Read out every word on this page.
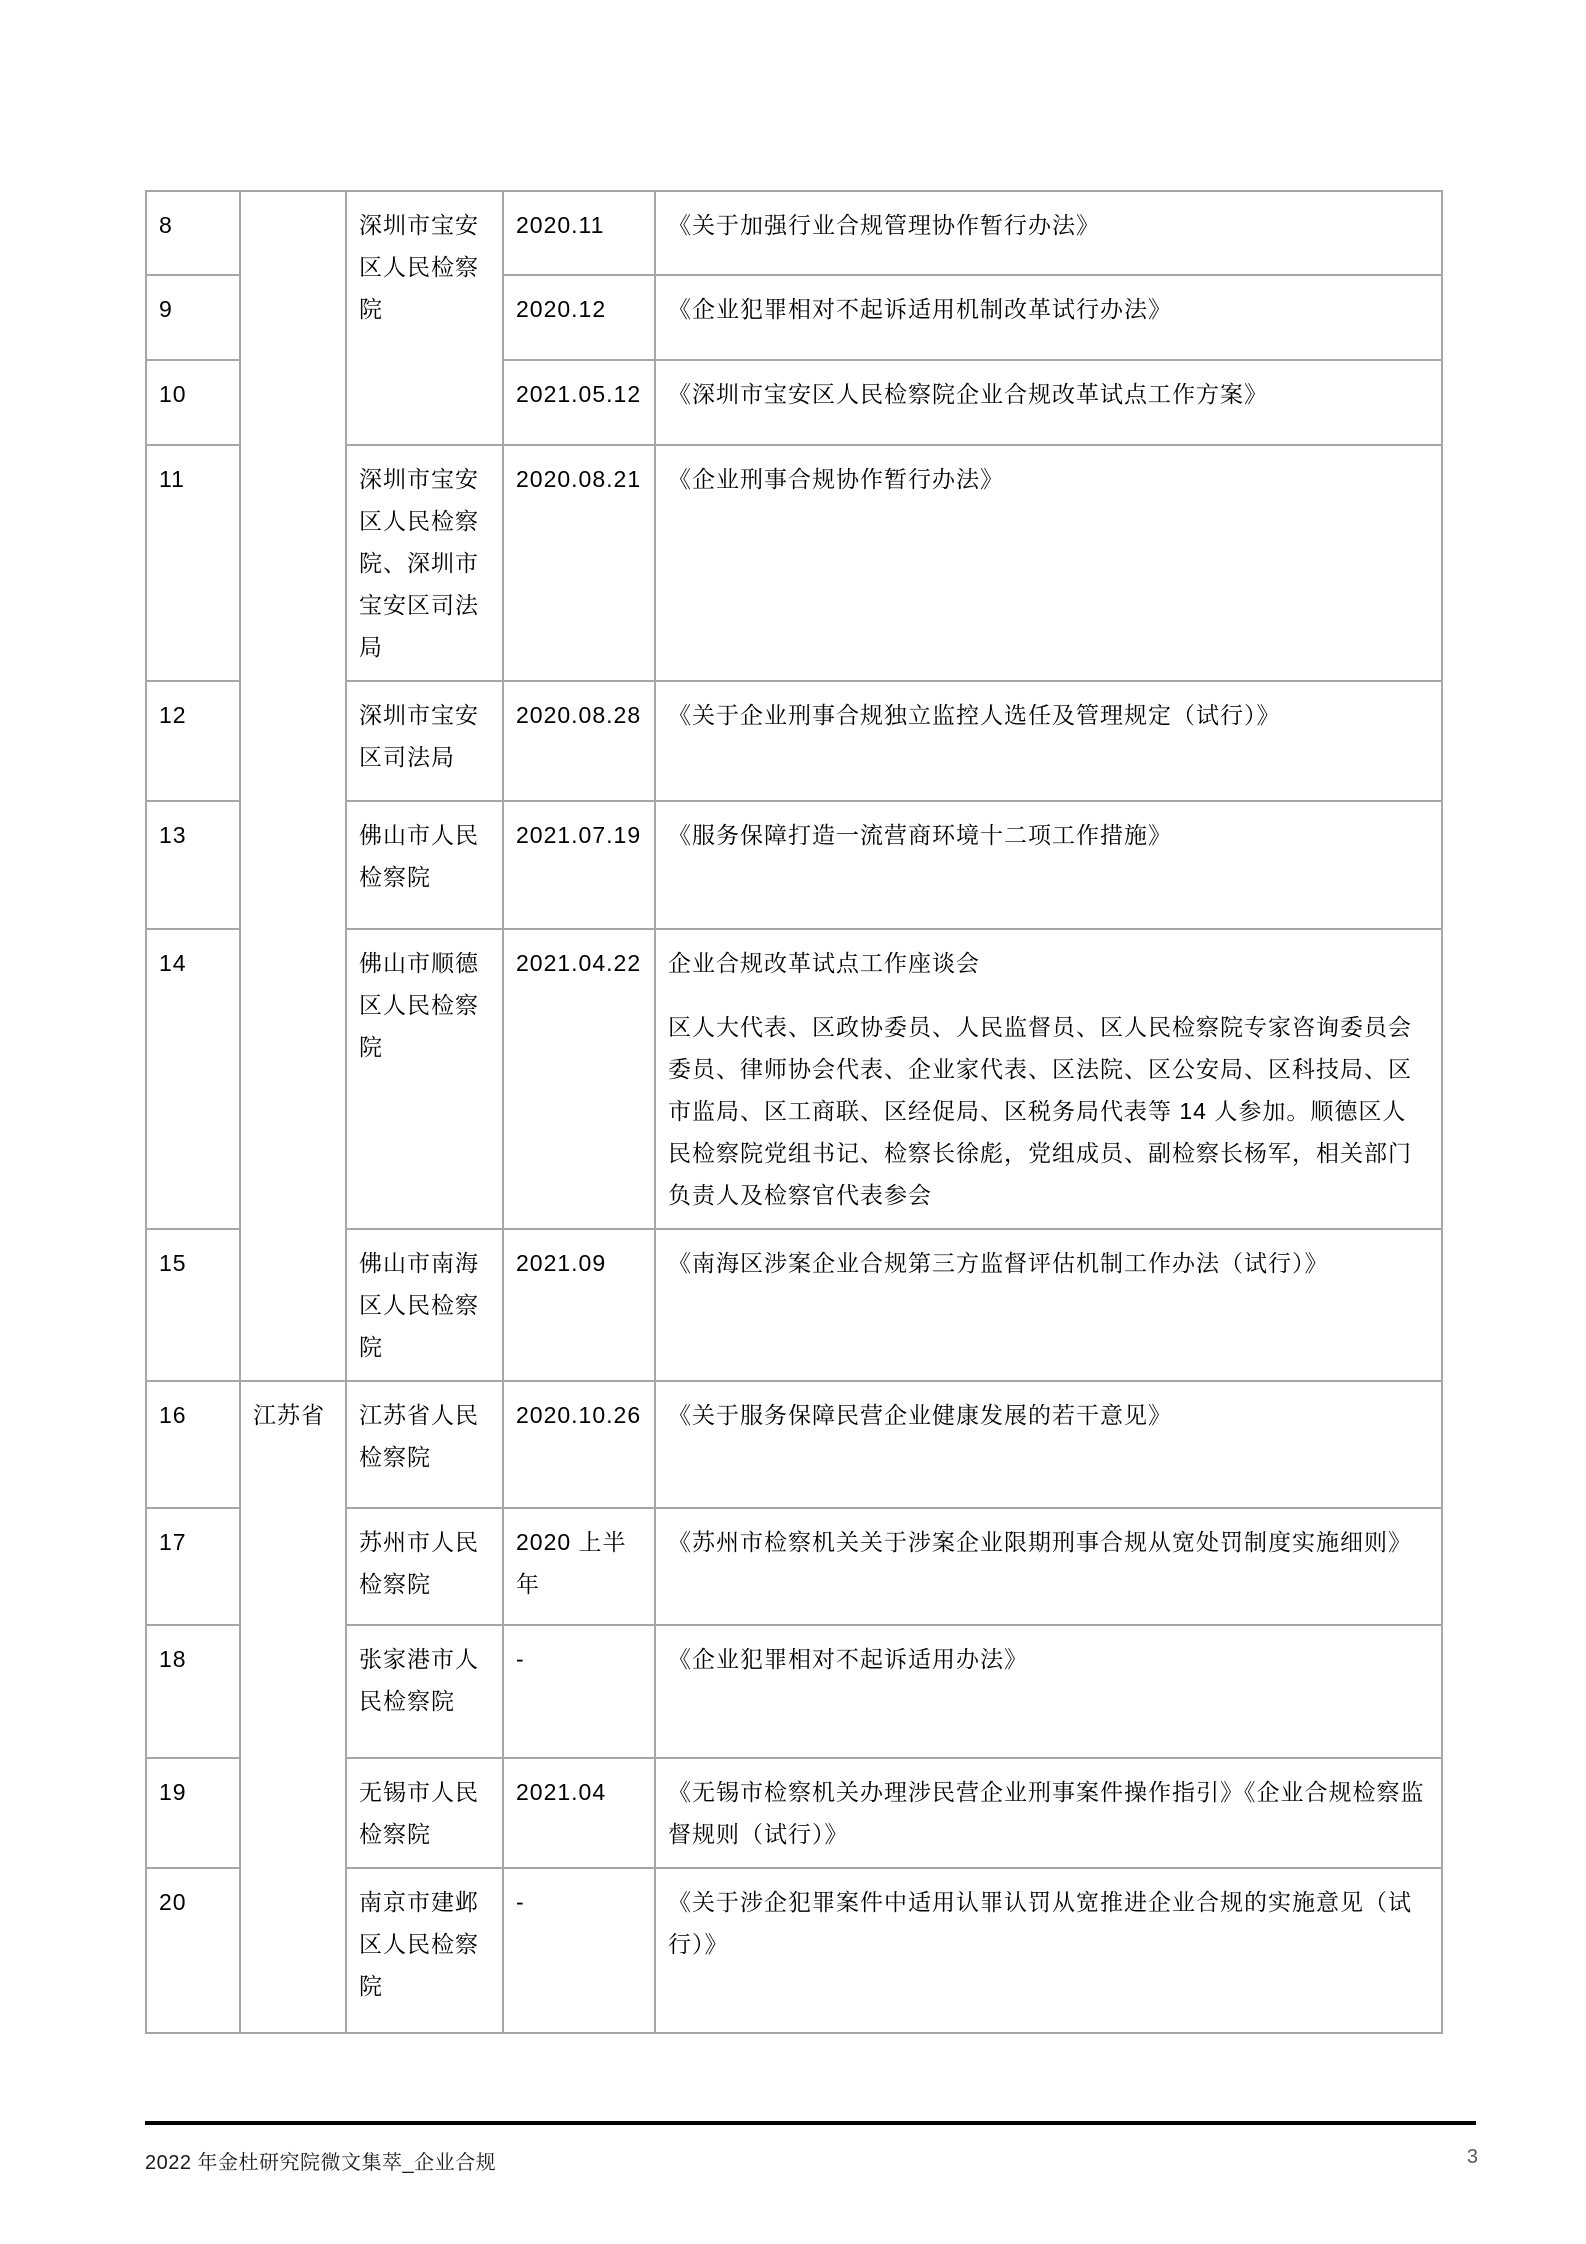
8		深圳市宝安区人民检察院	2020.11	《关于加强行业合规管理协作暂行办法》
9			2020.12	《企业犯罪相对不起诉适用机制改革试行办法》
10			2021.05.12	《深圳市宝安区人民检察院企业合规改革试点工作方案》
11		深圳市宝安区人民检察院、深圳市宝安区司法局	2020.08.21	《企业刑事合规协作暂行办法》
12		深圳市宝安区司法局	2020.08.28	《关于企业刑事合规独立监控人选任及管理规定（试行）》
13		佛山市人民检察院	2021.07.19	《服务保障打造一流营商环境十二项工作措施》
14		佛山市顺德区人民检察院	2021.04.22	企业合规改革试点工作座谈会

区人大代表、区政协委员、人民监督员、区人民检察院专家咨询委员会委员、律师协会代表、企业家代表、区法院、区公安局、区科技局、区市监局、区工商联、区经促局、区税务局代表等 14 人参加。顺德区人民检察院党组书记、检察长徐彪，党组成员、副检察长杨军，相关部门负责人及检察官代表参会

15		佛山市南海区人民检察院	2021.09	《南海区涉案企业合规第三方监督评估机制工作办法（试行）》
16	江苏省	江苏省人民检察院	2020.10.26	《关于服务保障民营企业健康发展的若干意见》
17		苏州市人民检察院	2020 上半年	《苏州市检察机关关于涉案企业限期刑事合规从宽处罚制度实施细则》
18		张家港市人民检察院	-	《企业犯罪相对不起诉适用办法》
19		无锡市人民检察院	2021.04	《无锡市检察机关办理涉民营企业刑事案件操作指引》《企业合规检察监督规则（试行）》
20		南京市建邺区人民检察院	-	《关于涉企犯罪案件中适用认罪认罚从宽推进企业合规的实施意见（试行）》
2022 年金杜研究院微文集萃_企业合规	3
